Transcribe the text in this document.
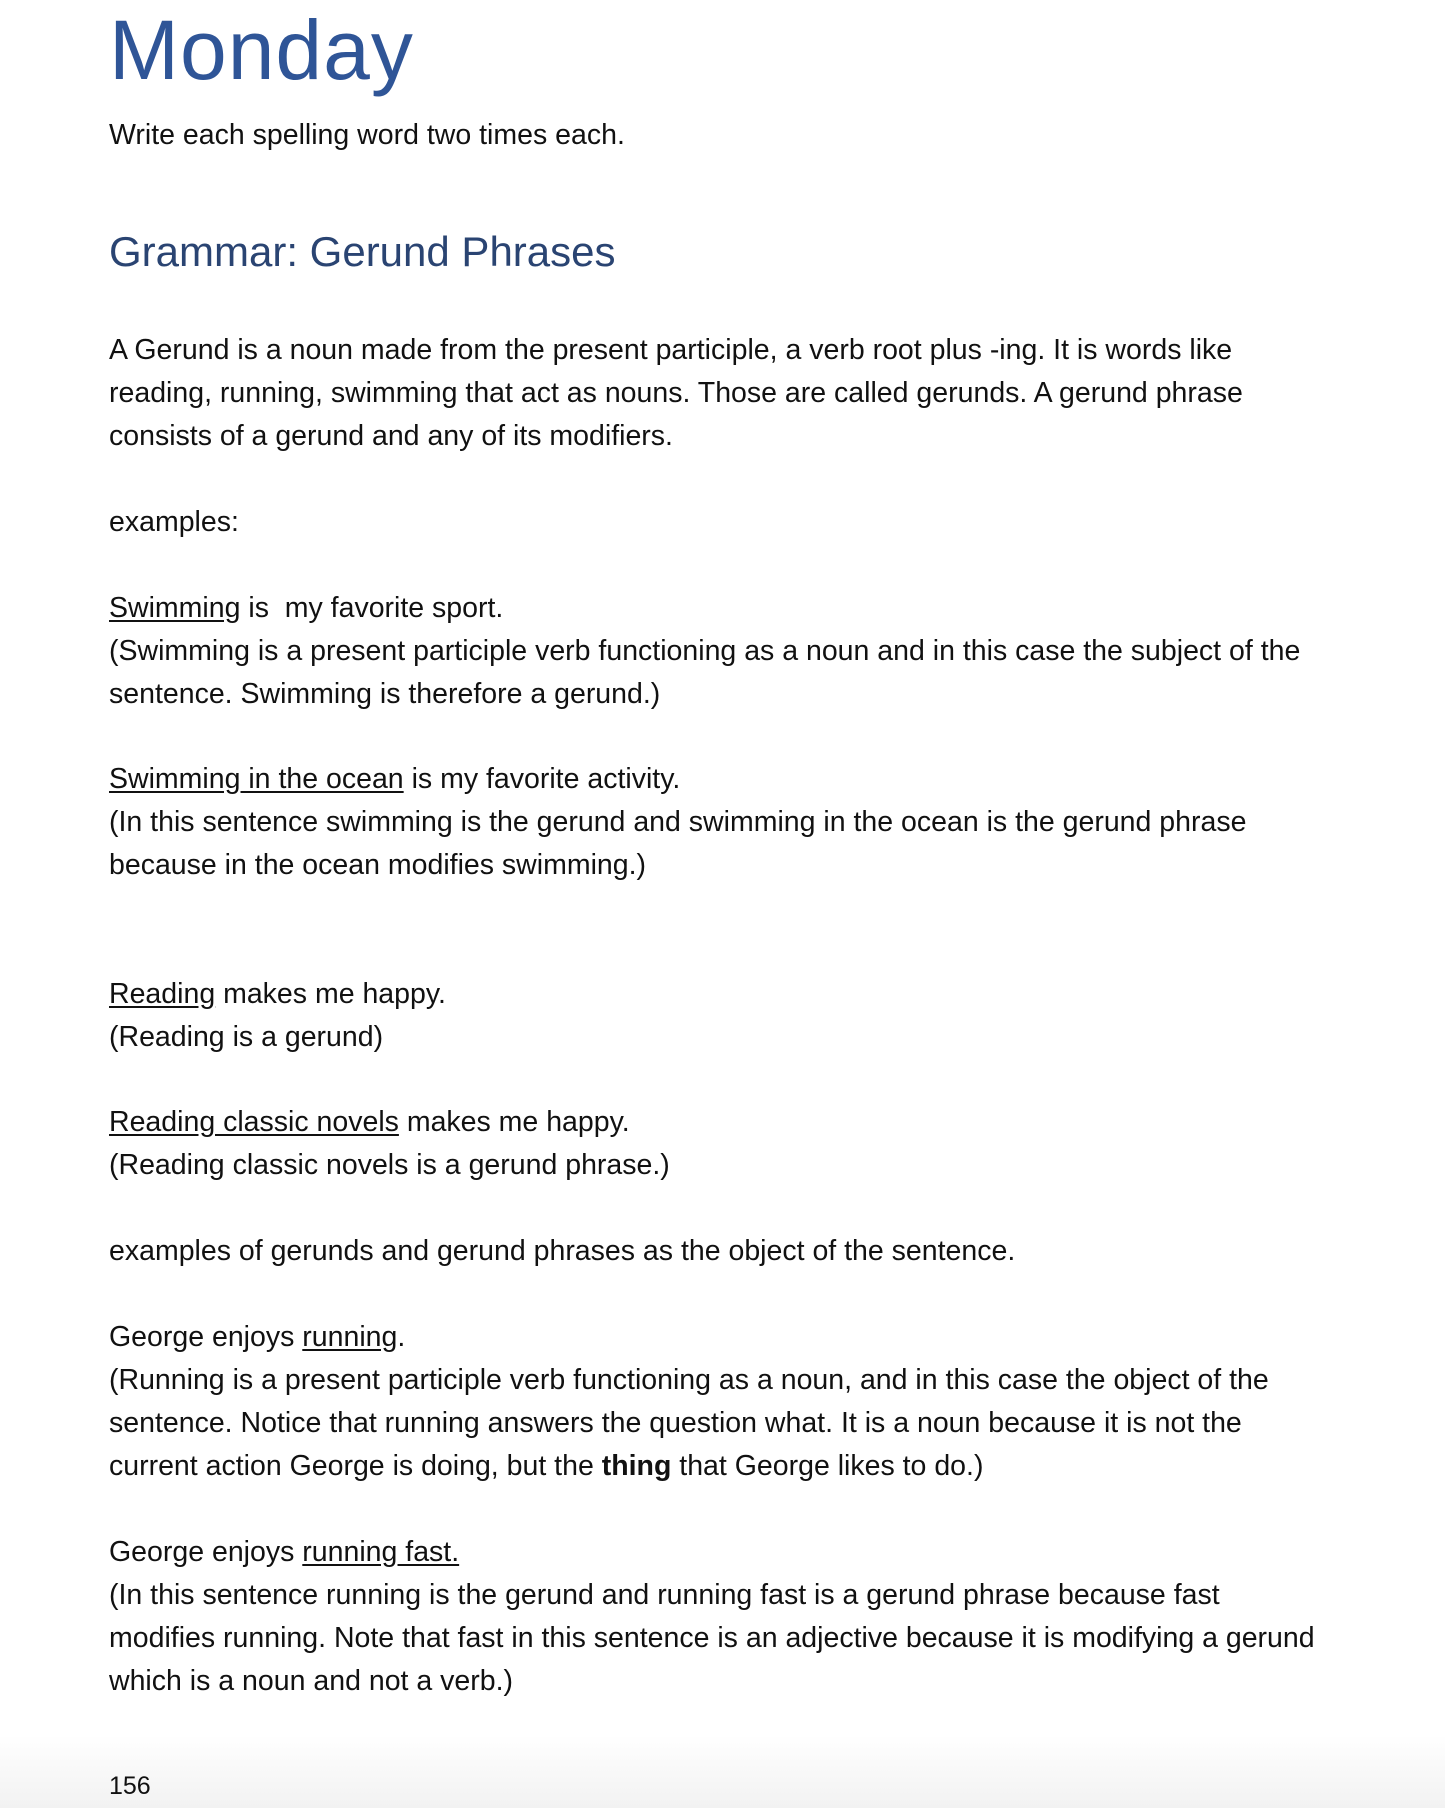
Monday

Write each spelling word two times each.

Grammar: Gerund Phrases

A Gerund is a noun made from the present participle, a verb root plus -ing. It is words like
reading, running, swimming that act as nouns. Those are called gerunds. A gerund phrase
consists of a gerund and any of its modifiers.

examples:

Swimming is  my favorite sport.
(Swimming is a present participle verb functioning as a noun and in this case the subject of the
sentence. Swimming is therefore a gerund.)

Swimming in the ocean is my favorite activity.
(In this sentence swimming is the gerund and swimming in the ocean is the gerund phrase
because in the ocean modifies swimming.)

Reading makes me happy.
(Reading is a gerund)

Reading classic novels makes me happy.
(Reading classic novels is a gerund phrase.)

examples of gerunds and gerund phrases as the object of the sentence.

George enjoys running.
(Running is a present participle verb functioning as a noun, and in this case the object of the
sentence. Notice that running answers the question what. It is a noun because it is not the
current action George is doing, but the thing that George likes to do.)

George enjoys running fast.
(In this sentence running is the gerund and running fast is a gerund phrase because fast
modifies running. Note that fast in this sentence is an adjective because it is modifying a gerund
which is a noun and not a verb.)

156
